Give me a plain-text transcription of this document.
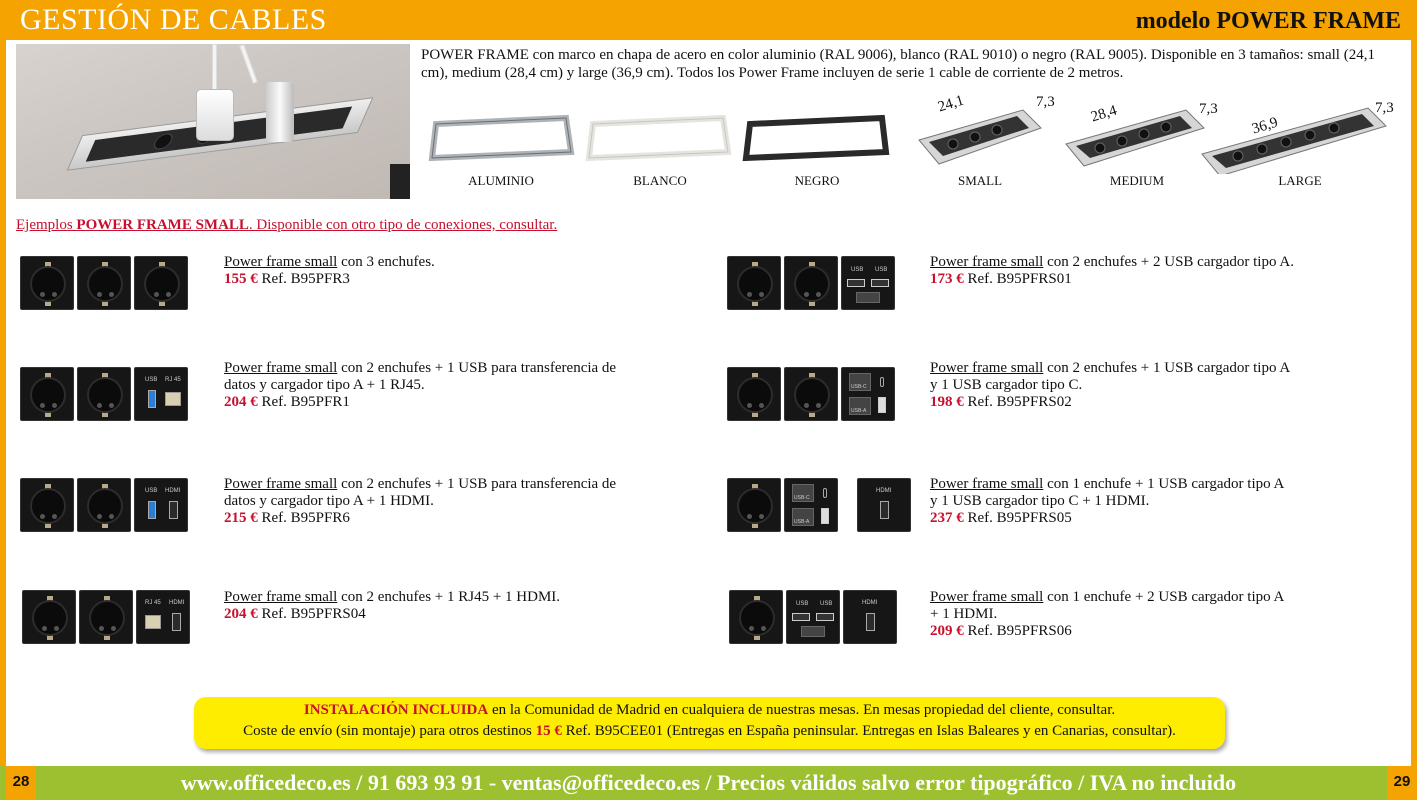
GESTIÓN DE CABLES	modelo POWER FRAME
POWER FRAME con marco en chapa de acero en color aluminio (RAL 9006), blanco (RAL 9010) o negro (RAL 9005). Disponible en 3 tamaños: small (24,1 cm), medium (28,4 cm) y large (36,9 cm). Todos los Power Frame incluyen de serie 1 cable de corriente de 2 metros.
ALUMINIO	BLANCO	NEGRO	SMALL
24,1	7,3
MEDIUM
28,4	7,3
LARGE
36,9
7,3
Ejemplos POWER FRAME SMALL. Disponible con otro tipo de conexiones, consultar.
Power frame small con 3 enchufes.
155 € Ref. B95PFR3
USB USB	Power frame small con 2 enchufes + 2 USB cargador tipo A.
173 € Ref. B95PFRS01
USB RJ 45
Power frame small con 2 enchufes + 1 USB para transferencia de
datos y cargador tipo A + 1 RJ45.
204 € Ref. B95PFR1
USB-C
USB-A
Power frame small con 2 enchufes + 1 USB cargador tipo A
y 1 USB cargador tipo C.
198 € Ref. B95PFRS02
USB HDMI	Power frame small con 2 enchufes + 1 USB para transferencia de
datos y cargador tipo A + 1 HDMI.
215 € Ref. B95PFR6
USB-C
USB-A
HDMI	Power frame small con 1 enchufe + 1 USB cargador tipo A
y 1 USB cargador tipo C + 1 HDMI.
237 € Ref. B95PFRS05
RJ 45 HDMI	Power frame small con 2 enchufes + 1 RJ45 + 1 HDMI.
204 € Ref. B95PFRS04
USB USB	HDMI	Power frame small con 1 enchufe + 2 USB cargador tipo A
+ 1 HDMI.
209 € Ref. B95PFRS06
INSTALACIÓN INCLUIDA en la Comunidad de Madrid en cualquiera de nuestras mesas. En mesas propiedad del cliente, consultar.
Coste de envío (sin montaje) para otros destinos 15 € Ref. B95CEE01 (Entregas en España peninsular. Entregas en Islas Baleares y en Canarias, consultar).
www.officedeco.es / 91 693 93 91 - ventas@officedeco.es / Precios válidos salvo error tipográfico / IVA no incluido
28	29
